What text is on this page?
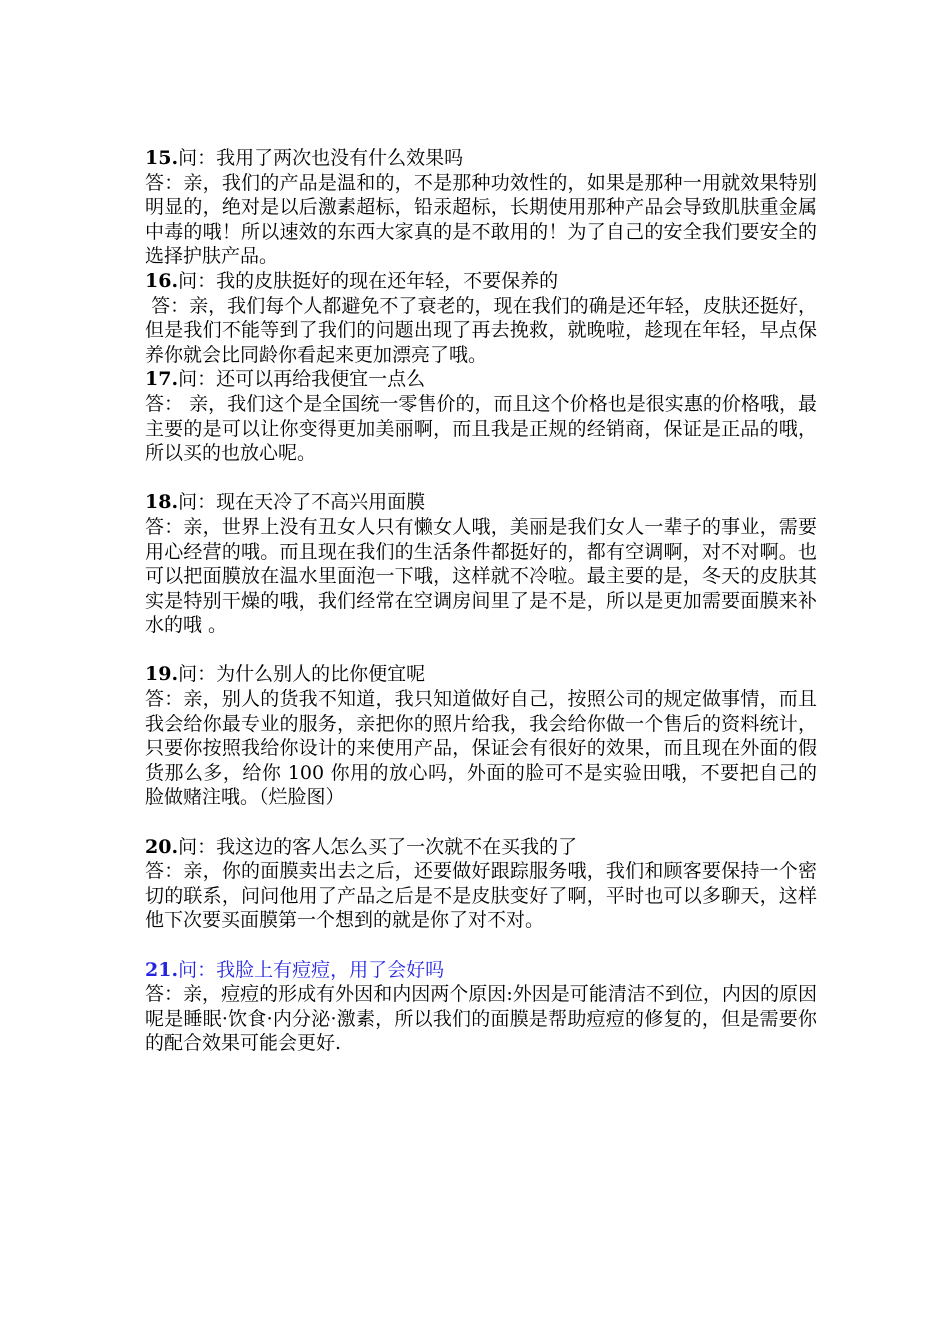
15.问：我用了两次也没有什么效果吗

答：亲，我们的产品是温和的，不是那种功效性的，如果是那种一用就效果特别明显的，绝对是以后激素超标，铅汞超标，长期使用那种产品会导致肌肤重金属中毒的哦！所以速效的东西大家真的是不敢用的！为了自己的安全我们要安全的选择护肤产品。

16.问：我的皮肤挺好的现在还年轻，不要保养的

答：亲，我们每个人都避免不了衰老的，现在我们的确是还年轻，皮肤还挺好，但是我们不能等到了我们的问题出现了再去挽救，就晚啦，趁现在年轻，早点保养你就会比同龄你看起来更加漂亮了哦。

17.问：还可以再给我便宜一点么

答： 亲，我们这个是全国统一零售价的，而且这个价格也是很实惠的价格哦，最主要的是可以让你变得更加美丽啊，而且我是正规的经销商，保证是正品的哦，所以买的也放心呢。

18.问：现在天冷了不高兴用面膜

答：亲，世界上没有丑女人只有懒女人哦，美丽是我们女人一辈子的事业，需要用心经营的哦。而且现在我们的生活条件都挺好的，都有空调啊，对不对啊。也可以把面膜放在温水里面泡一下哦，这样就不冷啦。最主要的是，冬天的皮肤其实是特别干燥的哦，我们经常在空调房间里了是不是，所以是更加需要面膜来补水的哦 。

19.问：为什么别人的比你便宜呢

答：亲，别人的货我不知道，我只知道做好自己，按照公司的规定做事情，而且我会给你最专业的服务，亲把你的照片给我，我会给你做一个售后的资料统计，只要你按照我给你设计的来使用产品，保证会有很好的效果，而且现在外面的假货那么多，给你 100 你用的放心吗，外面的脸可不是实验田哦，不要把自己的脸做赌注哦。（烂脸图）

20.问：我这边的客人怎么买了一次就不在买我的了

答：亲，你的面膜卖出去之后，还要做好跟踪服务哦，我们和顾客要保持一个密切的联系，问问他用了产品之后是不是皮肤变好了啊，平时也可以多聊天，这样他下次要买面膜第一个想到的就是你了对不对。

21.问：我脸上有痘痘，用了会好吗

答：亲，痘痘的形成有外因和内因两个原因:外因是可能清洁不到位，内因的原因呢是睡眠·饮食·内分泌·激素，所以我们的面膜是帮助痘痘的修复的，但是需要你的配合效果可能会更好.
